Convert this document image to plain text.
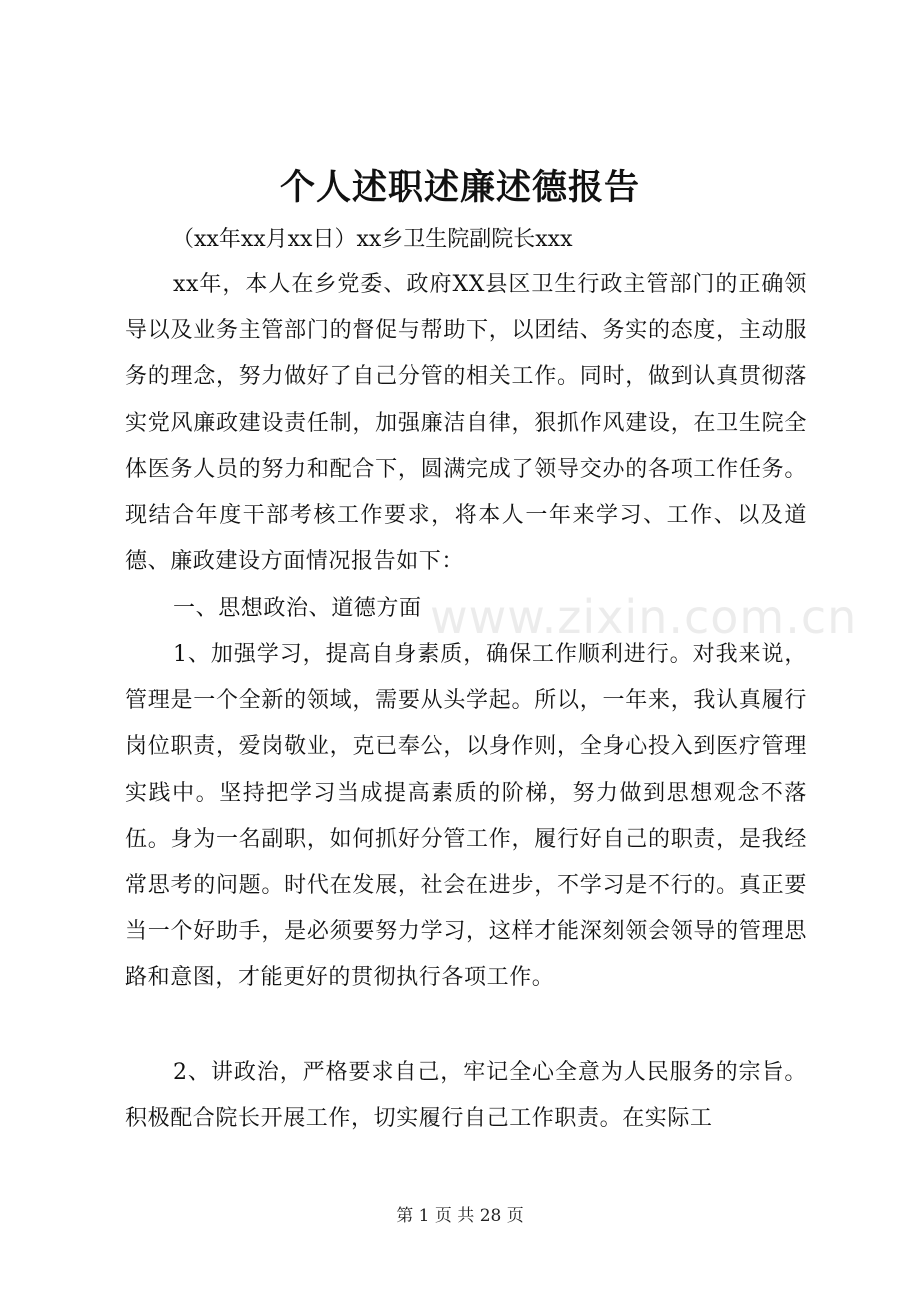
个人述职述廉述德报告
（xx年xx月xx日）xx乡卫生院副院长xxx

xx年，本人在乡党委、政府XX县区卫生行政主管部门的正确领导以及业务主管部门的督促与帮助下，以团结、务实的态度，主动服务的理念，努力做好了自己分管的相关工作。同时，做到认真贯彻落实党风廉政建设责任制，加强廉洁自律，狠抓作风建设，在卫生院全体医务人员的努力和配合下，圆满完成了领导交办的各项工作任务。现结合年度干部考核工作要求，将本人一年来学习、工作、以及道德、廉政建设方面情况报告如下：

一、思想政治、道德方面 www.zixin.com.cn

1、加强学习，提高自身素质，确保工作顺利进行。对我来说，管理是一个全新的领域，需要从头学起。所以，一年来，我认真履行岗位职责，爱岗敬业，克已奉公，以身作则，全身心投入到医疗管理实践中。坚持把学习当成提高素质的阶梯，努力做到思想观念不落伍。身为一名副职，如何抓好分管工作，履行好自己的职责，是我经常思考的问题。时代在发展，社会在进步，不学习是不行的。真正要当一个好助手，是必须要努力学习，这样才能深刻领会领导的管理思路和意图，才能更好的贯彻执行各项工作。

2、讲政治，严格要求自己，牢记全心全意为人民服务的宗旨。积极配合院长开展工作，切实履行自己工作职责。在实际工

第 1 页 共 28 页
